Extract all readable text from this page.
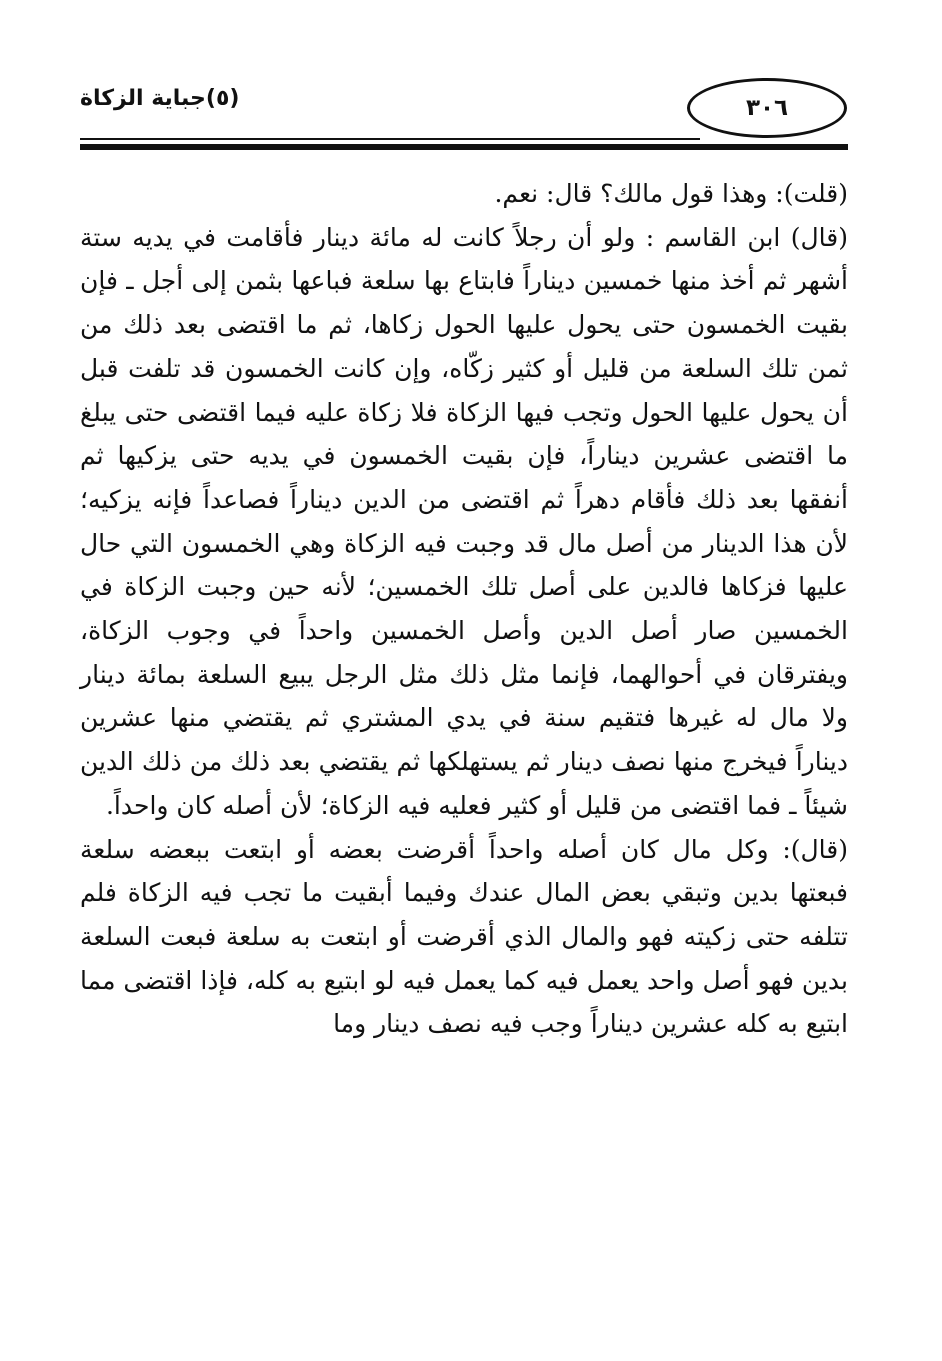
(٥)جباية الزكاة	٣٠٦

(قلت): وهذا قول مالك؟ قال: نعم.

(قال) ابن القاسم : ولو أن رجلاً كانت له مائة دينار فأقامت في يديه ستة أشهر ثم أخذ منها خمسين ديناراً فابتاع بها سلعة فباعها بثمن إلى أجل ـ فإن بقيت الخمسون حتى يحول عليها الحول زكاها، ثم ما اقتضى بعد ذلك من ثمن تلك السلعة من قليل أو كثير زكّاه، وإن كانت الخمسون قد تلفت قبل أن يحول عليها الحول وتجب فيها الزكاة فلا زكاة عليه فيما اقتضى حتى يبلغ ما اقتضى عشرين ديناراً، فإن بقيت الخمسون في يديه حتى يزكيها ثم أنفقها بعد ذلك فأقام دهراً ثم اقتضى من الدين ديناراً فصاعداً فإنه يزكيه؛ لأن هذا الدينار من أصل مال قد وجبت فيه الزكاة وهي الخمسون التي حال عليها فزكاها فالدين على أصل تلك الخمسين؛ لأنه حين وجبت الزكاة في الخمسين صار أصل الدين وأصل الخمسين واحداً في وجوب الزكاة، ويفترقان في أحوالهما، فإنما مثل ذلك مثل الرجل يبيع السلعة بمائة دينار ولا مال له غيرها فتقيم سنة في يدي المشتري ثم يقتضي منها عشرين ديناراً فيخرج منها نصف دينار ثم يستهلكها ثم يقتضي بعد ذلك من ذلك الدين شيئاً ـ فما اقتضى من قليل أو كثير فعليه فيه الزكاة؛ لأن أصله كان واحداً.

(قال): وكل مال كان أصله واحداً أقرضت بعضه أو ابتعت ببعضه سلعة فبعتها بدين وتبقي بعض المال عندك وفيما أبقيت ما تجب فيه الزكاة فلم تتلفه حتى زكيته فهو والمال الذي أقرضت أو ابتعت به سلعة فبعت السلعة بدين فهو أصل واحد يعمل فيه كما يعمل فيه لو ابتيع به كله، فإذا اقتضى مما ابتيع به كله عشرين ديناراً وجب فيه نصف دينار وما
